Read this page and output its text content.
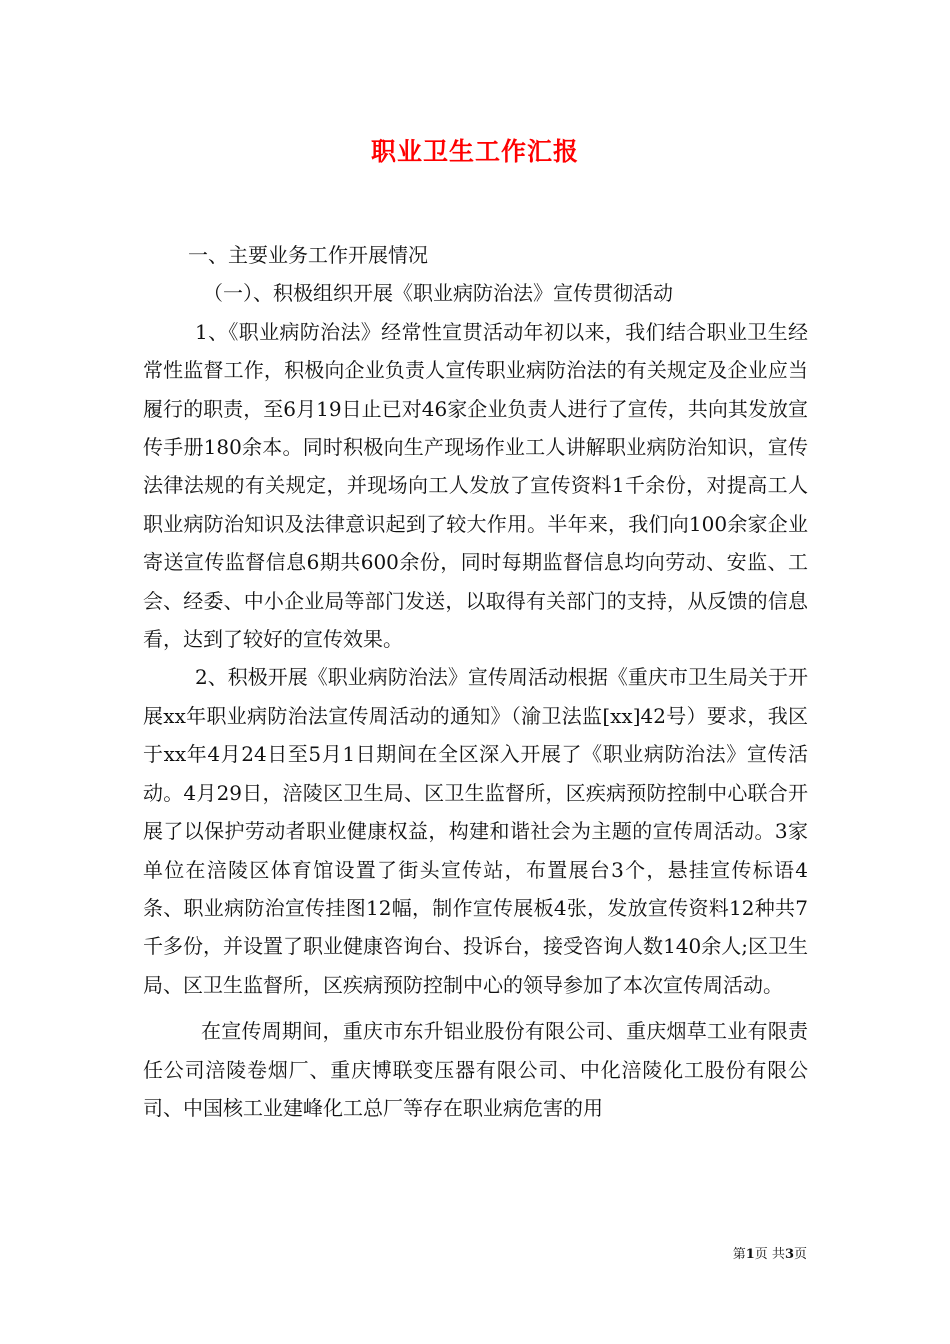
职业卫生工作汇报

一、主要业务工作开展情况

（一）、积极组织开展《职业病防治法》宣传贯彻活动

1、《职业病防治法》经常性宣贯活动年初以来，我们结合职业卫生经常性监督工作，积极向企业负责人宣传职业病防治法的有关规定及企业应当履行的职责，至6月19日止已对46家企业负责人进行了宣传，共向其发放宣传手册180余本。同时积极向生产现场作业工人讲解职业病防治知识，宣传法律法规的有关规定，并现场向工人发放了宣传资料1千余份，对提高工人职业病防治知识及法律意识起到了较大作用。半年来，我们向100余家企业寄送宣传监督信息6期共600余份，同时每期监督信息均向劳动、安监、工会、经委、中小企业局等部门发送，以取得有关部门的支持，从反馈的信息看，达到了较好的宣传效果。

2、积极开展《职业病防治法》宣传周活动根据《重庆市卫生局关于开展xx年职业病防治法宣传周活动的通知》（渝卫法监[xx]42号）要求，我区于xx年4月24日至5月1日期间在全区深入开展了《职业病防治法》宣传活动。4月29日，涪陵区卫生局、区卫生监督所，区疾病预防控制中心联合开展了以保护劳动者职业健康权益，构建和谐社会为主题的宣传周活动。3家单位在涪陵区体育馆设置了街头宣传站，布置展台3个，悬挂宣传标语4条、职业病防治宣传挂图12幅，制作宣传展板4张，发放宣传资料12种共7千多份，并设置了职业健康咨询台、投诉台，接受咨询人数140余人;区卫生局、区卫生监督所，区疾病预防控制中心的领导参加了本次宣传周活动。

在宣传周期间，重庆市东升铝业股份有限公司、重庆烟草工业有限责任公司涪陵卷烟厂、重庆博联变压器有限公司、中化涪陵化工股份有限公司、中国核工业建峰化工总厂等存在职业病危害的用

第1页 共3页
